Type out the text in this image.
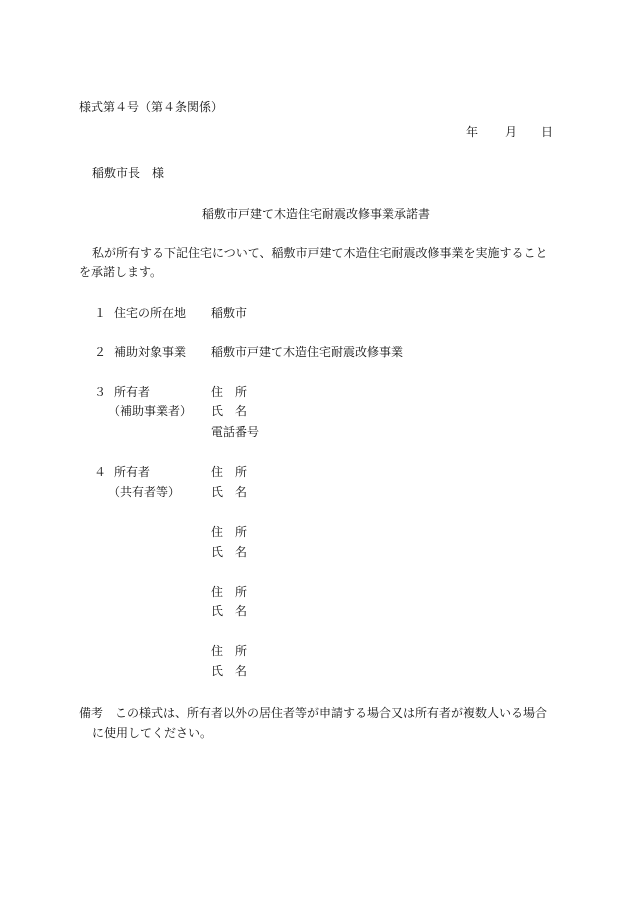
様式第４号（第４条関係）
年 月 日
稲敷市長　様
稲敷市戸建て木造住宅耐震改修事業承諾書
私が所有する下記住宅について、稲敷市戸建て木造住宅耐震改修事業を実施すること
を承諾します。
１ 住宅の所在地 稲敷市
２ 補助対象事業 稲敷市戸建て木造住宅耐震改修事業
３ 所有者
（補助事業者）
住　所
氏　名
電話番号
４ 所有者
（共有者等）
住　所
氏　名
住　所
氏　名
住　所
氏　名
住　所
氏　名
備考　この様式は、所有者以外の居住者等が申請する場合又は所有者が複数人いる場合
に使用してください。
